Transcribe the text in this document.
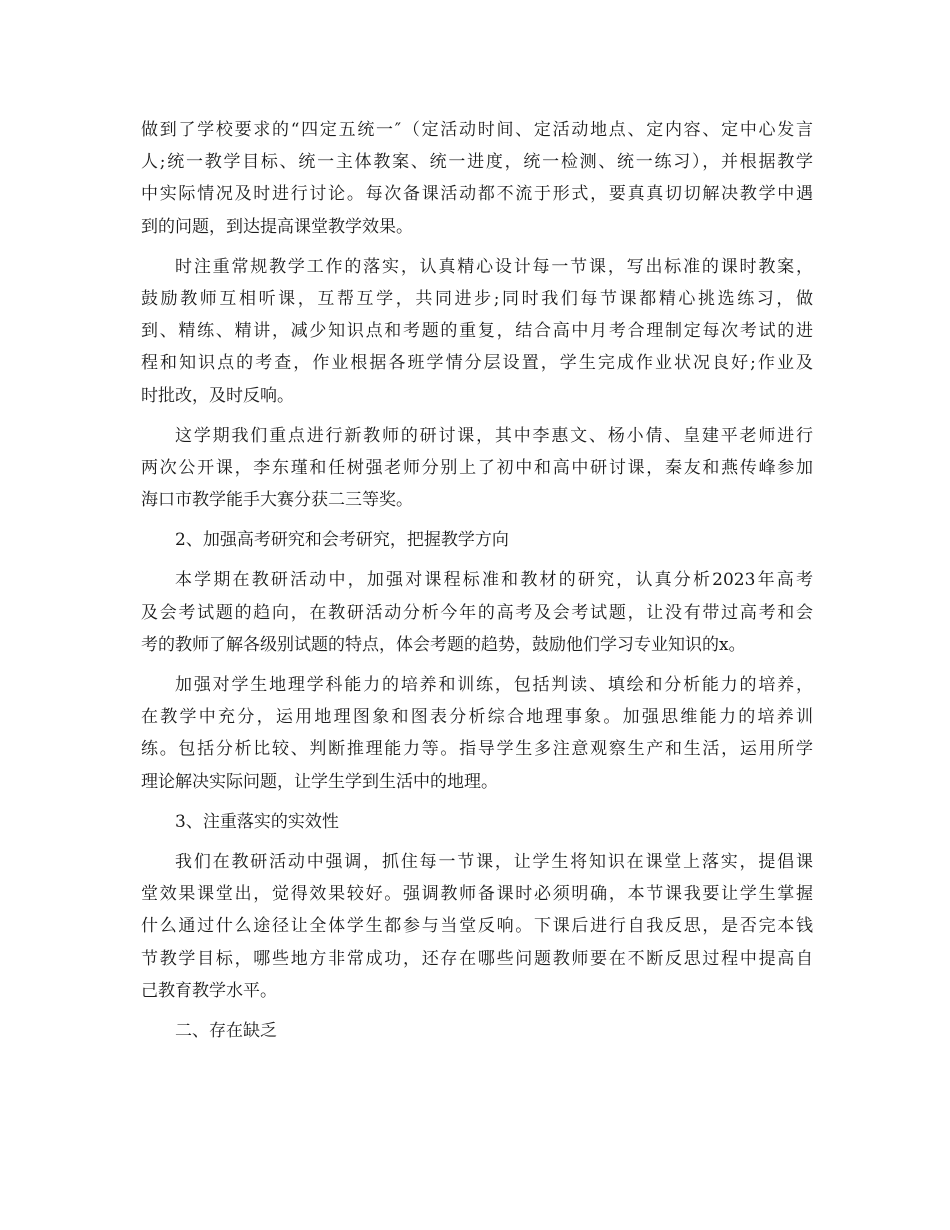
做到了学校要求的“四定五统一″（定活动时间、定活动地点、定内容、定中心发言
人;统一教学目标、统一主体教案、统一进度，统一检测、统一练习），并根据教学
中实际情况及时进行讨论。每次备课活动都不流于形式，要真真切切解决教学中遇
到的问题，到达提高课堂教学效果。
时注重常规教学工作的落实，认真精心设计每一节课，写出标准的课时教案，
鼓励教师互相听课，互帮互学，共同进步;同时我们每节课都精心挑选练习，做
到、精练、精讲，减少知识点和考题的重复，结合高中月考合理制定每次考试的进
程和知识点的考查，作业根据各班学情分层设置，学生完成作业状况良好;作业及
时批改，及时反响。
这学期我们重点进行新教师的研讨课，其中李惠文、杨小倩、皇建平老师进行
两次公开课，李东瑾和任树强老师分别上了初中和高中研讨课，秦友和燕传峰参加
海口市教学能手大赛分获二三等奖。
2、加强高考研究和会考研究，把握教学方向
本学期在教研活动中，加强对课程标准和教材的研究，认真分析2023年高考
及会考试题的趋向，在教研活动分析今年的高考及会考试题，让没有带过高考和会
考的教师了解各级别试题的特点，体会考题的趋势，鼓励他们学习专业知识的x。
加强对学生地理学科能力的培养和训练，包括判读、填绘和分析能力的培养，
在教学中充分，运用地理图象和图表分析综合地理事象。加强思维能力的培养训
练。包括分析比较、判断推理能力等。指导学生多注意观察生产和生活，运用所学
理论解决实际问题，让学生学到生活中的地理。
3、注重落实的实效性
我们在教研活动中强调，抓住每一节课，让学生将知识在课堂上落实，提倡课
堂效果课堂出，觉得效果较好。强调教师备课时必须明确，本节课我要让学生掌握
什么通过什么途径让全体学生都参与当堂反响。下课后进行自我反思，是否完本钱
节教学目标，哪些地方非常成功，还存在哪些问题教师要在不断反思过程中提高自
己教育教学水平。
二、存在缺乏
